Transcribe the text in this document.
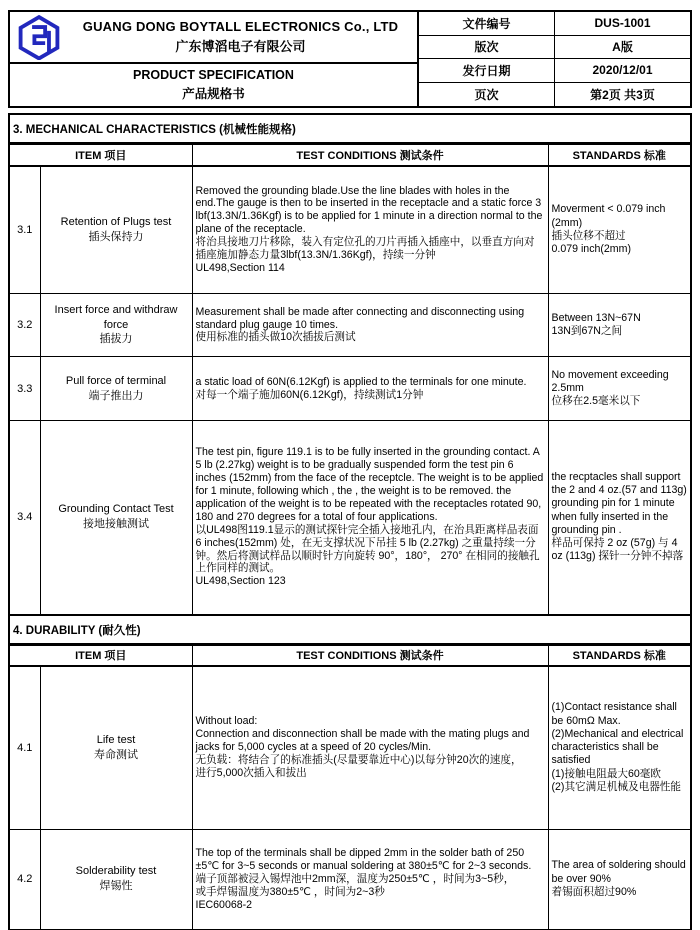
GUANG DONG BOYTALL ELECTRONICS Co., LTD
广东博滔电子有限公司
PRODUCT SPECIFICATION
产品规格书
文件编号	DUS-1001
版次	A版
发行日期	2020/12/01
页次	第2页 共3页
3. MECHANICAL CHARACTERISTICS (机械性能规格)
ITEM 项目		TEST CONDITIONS 测试条件	STANDARDS 标准
3.1	
Retention of Plugs test
插头保持力

Removed the grounding blade.Use the line blades with holes in the end.The gauge is then to be inserted in the receptacle and a static force 3 lbf(13.3N/1.36Kgf) is to be applied for 1 minute in a direction normal to the plane of the receptacle.
将治具接地刀片移除，装入有定位孔的刀片再插入插座中，以垂直方向对插座施加静态力量3lbf(13.3N/1.36Kgf)，持续一分钟
UL498,Section 114

Moverment < 0.079 inch (2mm)
插头位移不超过
0.079 inch(2mm)

3.2	
Insert force and withdraw force
插拔力

Measurement shall be made after connecting and disconnecting using standard plug gauge 10 times.
使用标准的插头做10次插拔后测试

Between 13N~67N
13N到67N之间

3.3	
Pull force of terminal
端子推出力

a static load of 60N(6.12Kgf) is applied to the terminals for one minute.
对每一个端子施加60N(6.12Kgf)，持续测试1分钟

No movement exceeding
2.5mm
位移在2.5毫米以下

3.4	
Grounding Contact Test
接地接触测试

The test pin, figure 119.1 is to be fully inserted in the grounding contact. A 5 lb (2.27kg) weight is to be gradually suspended form the test pin 6 inches (152mm) from the face of the receptcle. The weight is to be applied for 1 minute, following which , the , the weight is to be removed. the application of the weight is to be repeated with the receptacles rotated 90, 180 and 270 degrees for a total of four applications.
以UL498图119.1显示的测试探针完全插入接地孔内，在治具距离样品表面 6 inches(152mm) 处，在无支撑状况下吊挂 5 lb (2.27kg) 之重量持续一分钟。然后将测试样品以顺时针方向旋转 90°，180°， 270° 在相同的接触孔上作同样的测试。
UL498,Section 123

the recptacles shall support the 2 and 4 oz.(57 and 113g) grounding pin for 1 minute when fully inserted in the grounding pin .
样品可保持 2 oz (57g) 与 4 oz (113g) 探针一分钟不掉落
4. DURABILITY (耐久性)
ITEM 项目		TEST CONDITIONS 测试条件	STANDARDS 标准
4.1	
Life test
寿命测试

Without load:
Connection and disconnection shall be made with the mating plugs and jacks for 5,000 cycles at a speed of 20 cycles/Min.
无负载：将结合了的标准插头(尽量要靠近中心)以每分钟20次的速度，
进行5,000次插入和拔出

(1)Contact resistance shall be 60mΩ Max.
(2)Mechanical and electrical characteristics shall be satisfied
(1)接触电阻最大60毫欧
(2)其它满足机械及电器性能

4.2	
Solderability test
焊锡性

The top of the terminals shall be dipped 2mm in the solder bath of 250 ±5℃ for 3~5 seconds or manual soldering at 380±5℃ for 2~3 seconds.
端子顶部被浸入锡焊池中2mm深，温度为250±5℃ ，时间为3~5秒，
或手焊锡温度为380±5℃ ，时间为2~3秒
IEC60068-2

The area of soldering should be over 90%
着锡面积超过90%
